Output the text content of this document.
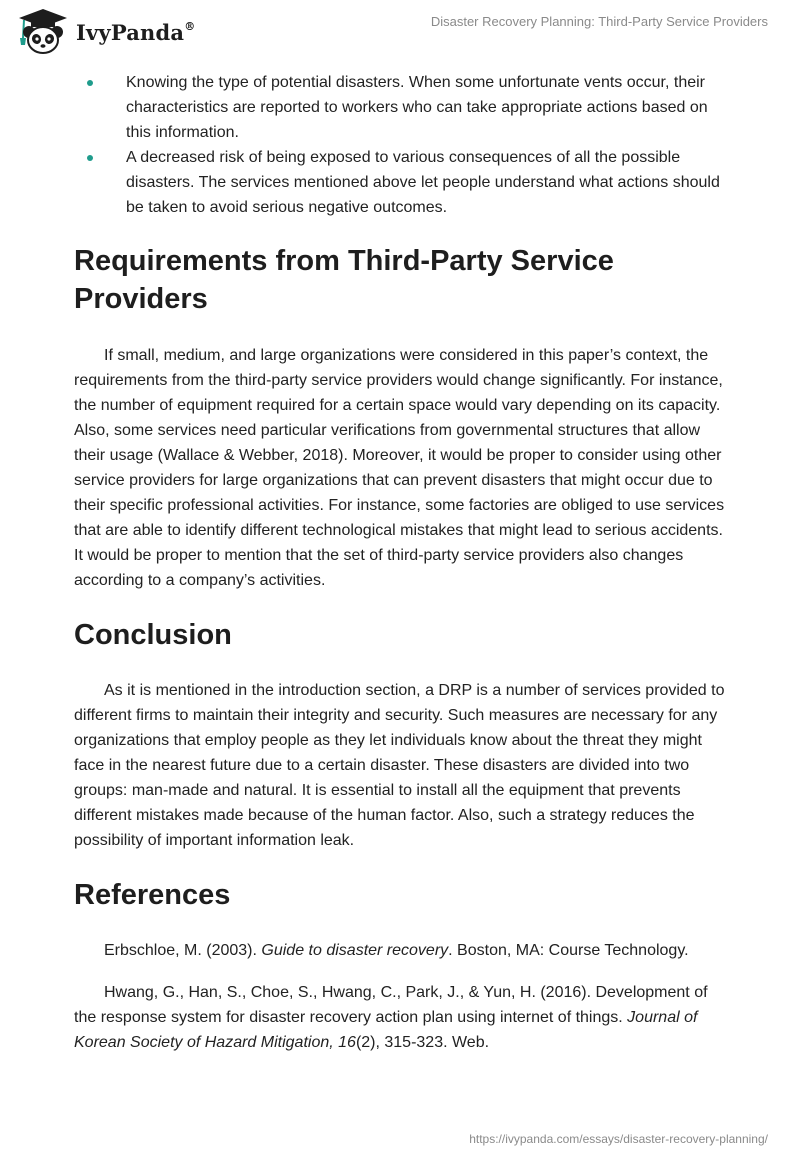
IvyPanda®	Disaster Recovery Planning: Third-Party Service Providers
Knowing the type of potential disasters. When some unfortunate vents occur, their characteristics are reported to workers who can take appropriate actions based on this information.
A decreased risk of being exposed to various consequences of all the possible disasters. The services mentioned above let people understand what actions should be taken to avoid serious negative outcomes.
Requirements from Third-Party Service Providers

If small, medium, and large organizations were considered in this paper’s context, the requirements from the third-party service providers would change significantly. For instance, the number of equipment required for a certain space would vary depending on its capacity. Also, some services need particular verifications from governmental structures that allow their usage (Wallace & Webber, 2018). Moreover, it would be proper to consider using other service providers for large organizations that can prevent disasters that might occur due to their specific professional activities. For instance, some factories are obliged to use services that are able to identify different technological mistakes that might lead to serious accidents. It would be proper to mention that the set of third-party service providers also changes according to a company’s activities.

Conclusion

As it is mentioned in the introduction section, a DRP is a number of services provided to different firms to maintain their integrity and security. Such measures are necessary for any organizations that employ people as they let individuals know about the threat they might face in the nearest future due to a certain disaster. These disasters are divided into two groups: man-made and natural. It is essential to install all the equipment that prevents different mistakes made because of the human factor. Also, such a strategy reduces the possibility of important information leak.

References

Erbschloe, M. (2003). Guide to disaster recovery. Boston, MA: Course Technology.

Hwang, G., Han, S., Choe, S., Hwang, C., Park, J., & Yun, H. (2016). Development of the response system for disaster recovery action plan using internet of things. Journal of Korean Society of Hazard Mitigation, 16(2), 315-323. Web.

https://ivypanda.com/essays/disaster-recovery-planning/
